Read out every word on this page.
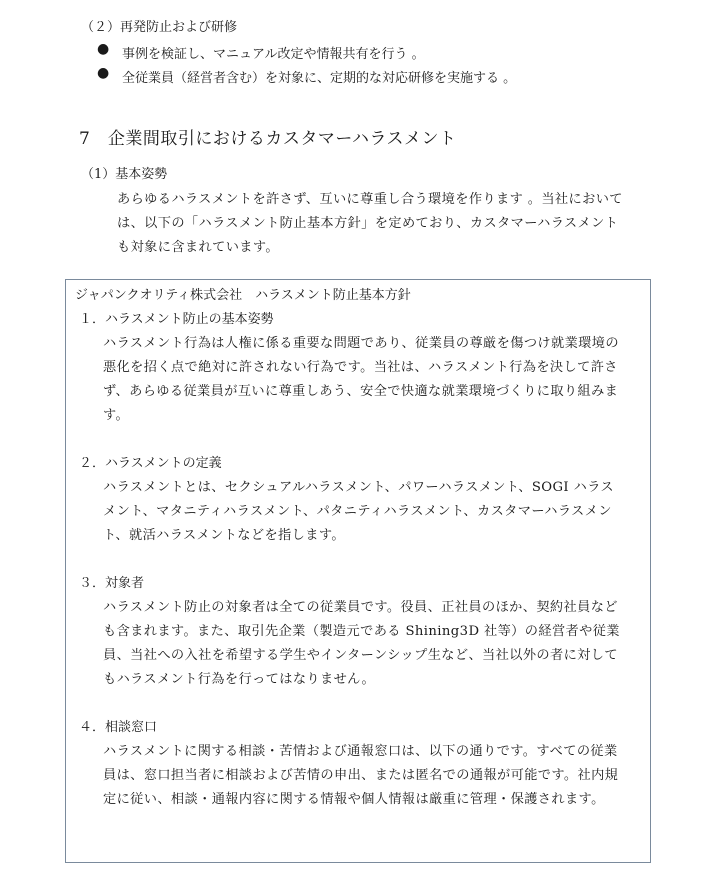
（２）再発防止および研修
● 事例を検証し、マニュアル改定や情報共有を行う 。
● 全従業員（経営者含む）を対象に、定期的な対応研修を実施する 。
7　企業間取引におけるカスタマーハラスメント
（1）基本姿勢
あらゆるハラスメントを許さず、互いに尊重し合う環境を作ります 。当社において
は、以下の「ハラスメント防止基本方針」を定めており、カスタマーハラスメント
も対象に含まれています。
ジャパンクオリティ株式会社　ハラスメント防止基本方針
１．ハラスメント防止の基本姿勢
ハラスメント行為は人権に係る重要な問題であり、従業員の尊厳を傷つけ就業環境の
悪化を招く点で絶対に許されない行為です。当社は、ハラスメント行為を決して許さ
ず、あらゆる従業員が互いに尊重しあう、安全で快適な就業環境づくりに取り組みま
す。
２．ハラスメントの定義
ハラスメントとは、セクシュアルハラスメント、パワーハラスメント、SOGI ハラス
メント、マタニティハラスメント、パタニティハラスメント、カスタマーハラスメン
ト、就活ハラスメントなどを指します。
３．対象者
ハラスメント防止の対象者は全ての従業員です。役員、正社員のほか、契約社員など
も含まれます。また、取引先企業（製造元である Shining3D 社等）の経営者や従業
員、当社への入社を希望する学生やインターンシップ生など、当社以外の者に対して
もハラスメント行為を行ってはなりません。
４．相談窓口
ハラスメントに関する相談・苦情および通報窓口は、以下の通りです。すべての従業
員は、窓口担当者に相談および苦情の申出、または匿名での通報が可能です。社内規
定に従い、相談・通報内容に関する情報や個人情報は厳重に管理・保護されます。
